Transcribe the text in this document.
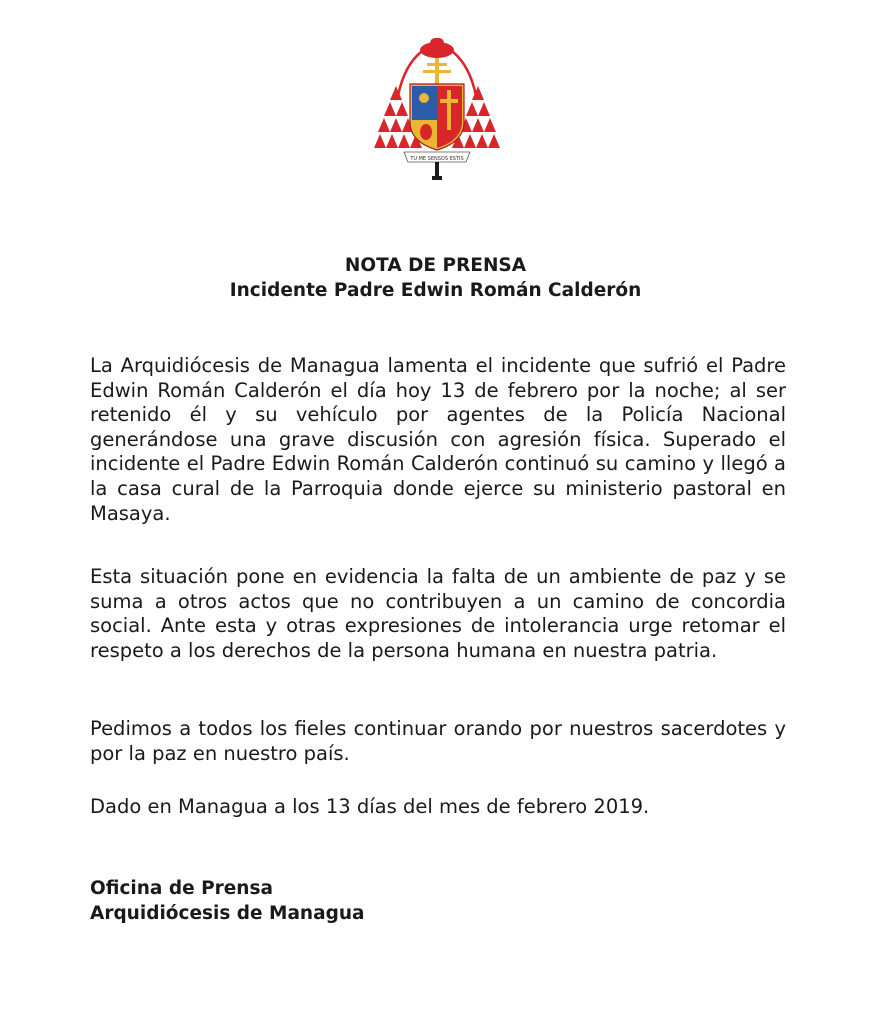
TU ME SENSOS ESTIS
NOTA DE PRENSA
Incidente Padre Edwin Román Calderón

La Arquidiócesis de Managua lamenta el incidente que sufrió el Padre Edwin Román Calderón el día hoy 13 de febrero por la noche; al ser retenido él y su vehículo por agentes de la Policía Nacional generándose una grave discusión con agresión física. Superado el incidente el Padre Edwin Román Calderón continuó su camino y llegó a la casa cural de la Parroquia donde ejerce su ministerio pastoral en Masaya.

Esta situación pone en evidencia la falta de un ambiente de paz y se suma a otros actos que no contribuyen a un camino de concordia social. Ante esta y otras expresiones de intolerancia urge retomar el respeto a los derechos de la persona humana en nuestra patria.

Pedimos a todos los fieles continuar orando por nuestros sacerdotes y por la paz en nuestro país.

Dado en Managua a los 13 días del mes de febrero 2019.

Oficina de Prensa

Arquidiócesis de Managua
